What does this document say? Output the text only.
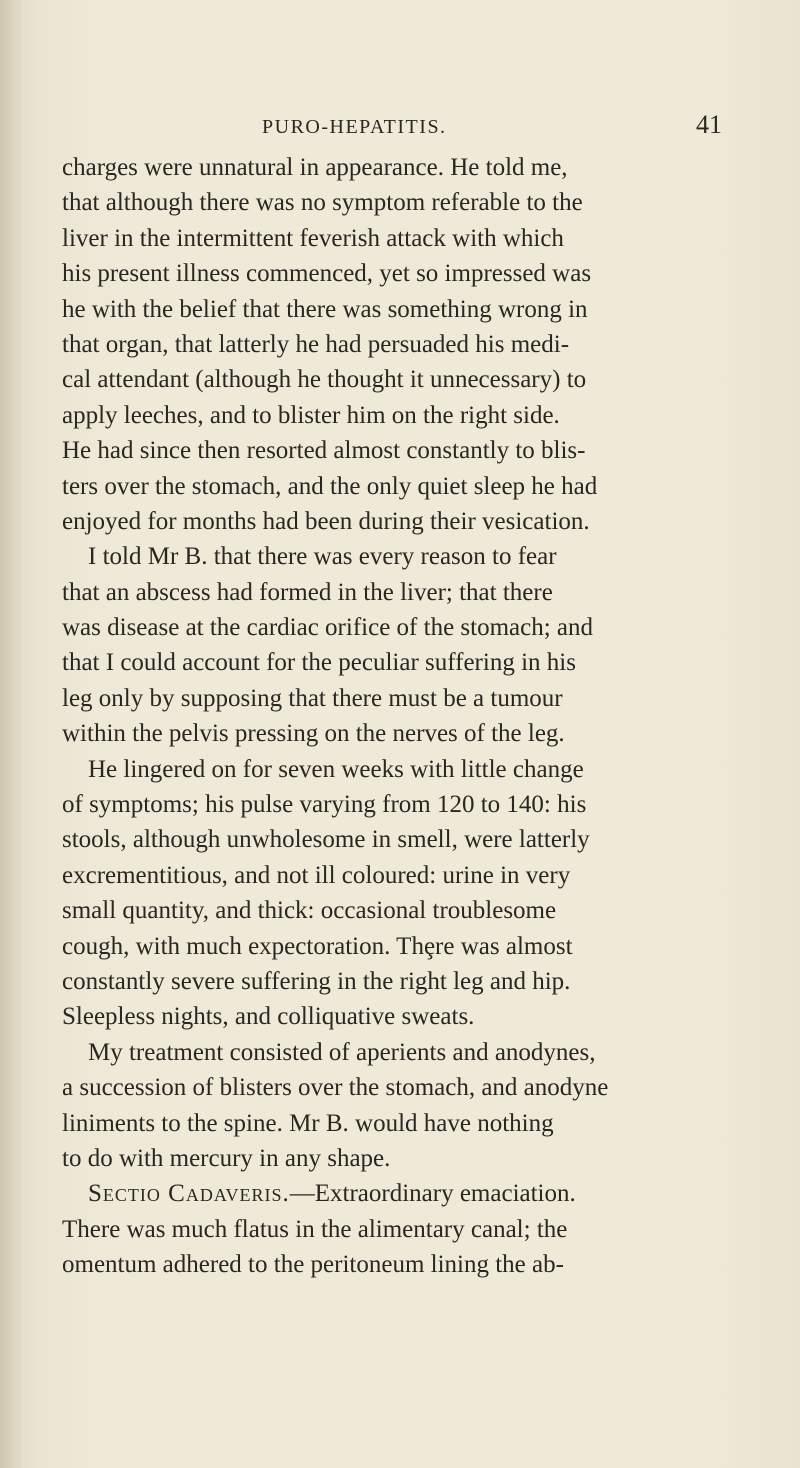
PURO-HEPATITIS.	41
charges were unnatural in appearance. He told me,
that although there was no symptom referable to the
liver in the intermittent feverish attack with which
his present illness commenced, yet so impressed was
he with the belief that there was something wrong in
that organ, that latterly he had persuaded his medi-
cal attendant (although he thought it unnecessary) to
apply leeches, and to blister him on the right side.
He had since then resorted almost constantly to blis-
ters over the stomach, and the only quiet sleep he had
enjoyed for months had been during their vesication.
I told Mr B. that there was every reason to fear
that an abscess had formed in the liver; that there
was disease at the cardiac orifice of the stomach; and
that I could account for the peculiar suffering in his
leg only by supposing that there must be a tumour
within the pelvis pressing on the nerves of the leg.
He lingered on for seven weeks with little change
of symptoms; his pulse varying from 120 to 140: his
stools, although unwholesome in smell, were latterly
excrementitious, and not ill coloured: urine in very
small quantity, and thick: occasional troublesome
cough, with much expectoration. Thȩre was almost
constantly severe suffering in the right leg and hip.
Sleepless nights, and colliquative sweats.
My treatment consisted of aperients and anodynes,
a succession of blisters over the stomach, and anodyne
liniments to the spine. Mr B. would have nothing
to do with mercury in any shape.
Sectio Cadaveris.—Extraordinary emaciation.
There was much flatus in the alimentary canal; the
omentum adhered to the peritoneum lining the ab-
